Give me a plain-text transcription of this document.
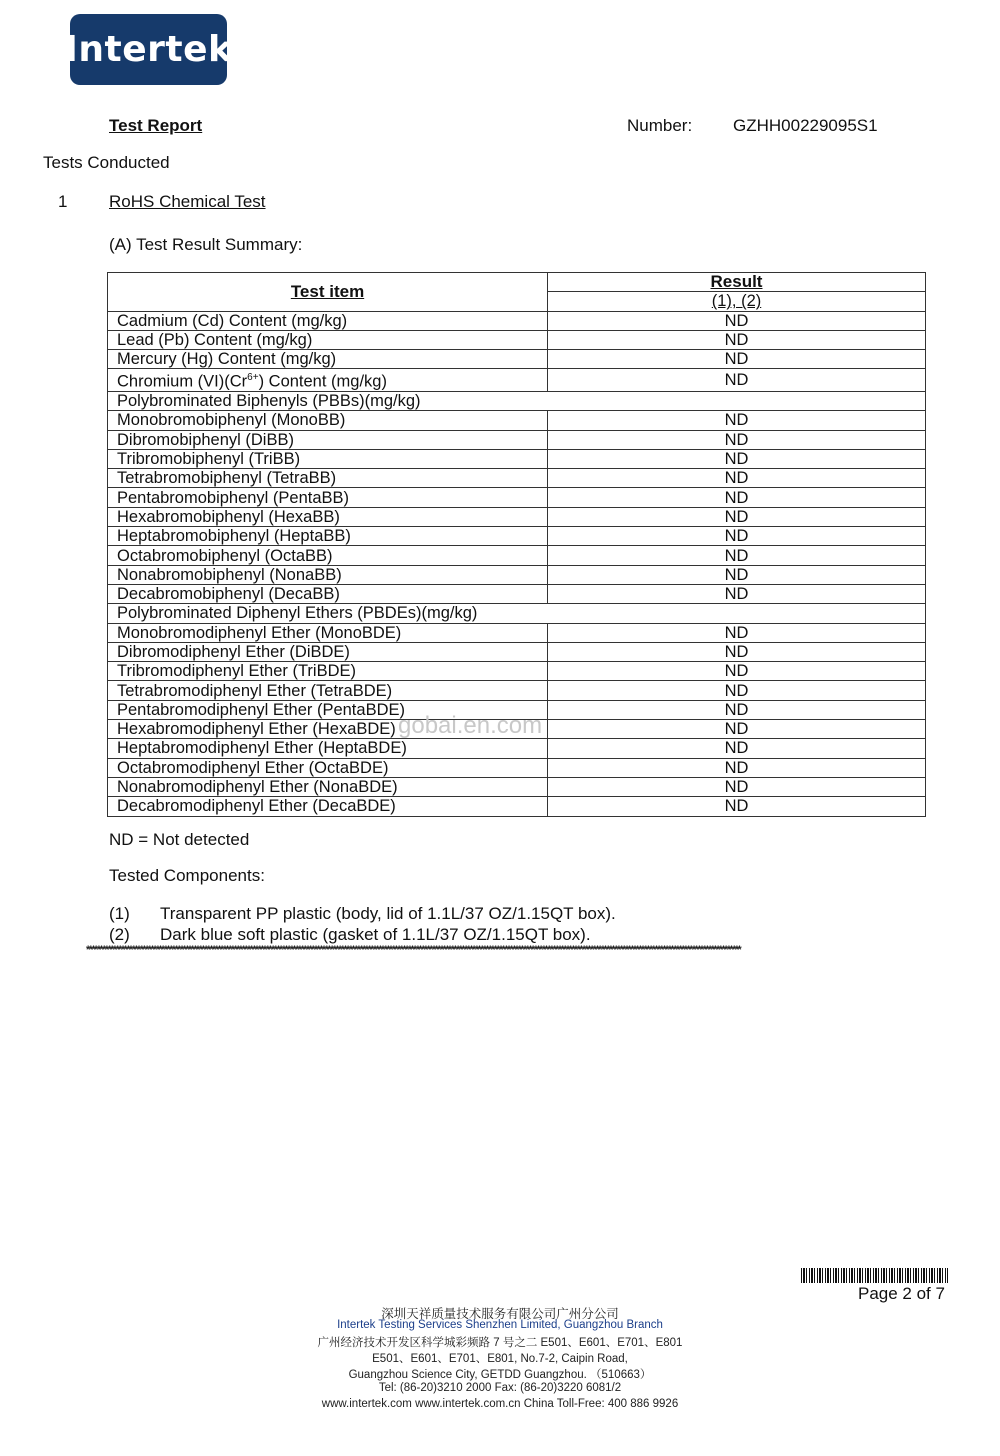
Intertek
Test Report	Number: GZHH00229095S1
Tests Conducted
1 RoHS Chemical Test
(A) Test Result Summary:
Test item	Result
	(1), (2)
Cadmium (Cd) Content (mg/kg)	ND
Lead (Pb) Content (mg/kg)	ND
Mercury (Hg) Content (mg/kg)	ND
Chromium $(VI)(Cr^{6+})$ Content (mg/kg)	ND
Polybrominated Biphenyls (PBBs)(mg/kg)	
Monobromobiphenyl (MonoBB)	ND
Dibromobiphenyl (DiBB)	ND
Tribromobiphenyl (TriBB)	ND
Tetrabromobiphenyl (TetraBB)	ND
Pentabromobiphenyl (PentaBB)	ND
Hexabromobiphenyl (HexaBB)	ND
Heptabromobiphenyl (HeptaBB)	ND
Octabromobiphenyl (OctaBB)	ND
Nonabromobiphenyl (NonaBB)	ND
Decabromobiphenyl (DecaBB)	ND
Polybrominated Diphenyl Ethers (PBDEs)(mg/kg)	
Monobromodiphenyl Ether (MonoBDE)	ND
Dibromodiphenyl Ether (DiBDE)	ND
Tribromodiphenyl Ether (TriBDE)	ND
Tetrabromodiphenyl Ether (TetraBDE)	ND
Pentabromodiphenyl Ether (PentaBDE)	ND
Hexabromodiphenyl Ether (HexaBDE)	ND
Heptabromodiphenyl Ether (HeptaBDE)	ND
Octabromodiphenyl Ether (OctaBDE)	ND
Nonabromodiphenyl Ether (NonaBDE)	ND
Decabromodiphenyl Ether (DecaBDE)	ND
ND = Not detected
Tested Components:
(1) Transparent PP plastic (body, lid of 1.1L/37 OZ/1.15QT box).
(2) Dark blue soft plastic (gasket of 1.1L/37 OZ/1.15QT box).
****************************************************************************************************************************************************************************************************************************************************
gobai.en.com
Page 2 of 7
深圳天祥质量技术服务有限公司广州分公司
Intertek Testing Services Shenzhen Limited, Guangzhou Branch
广州经济技术开发区科学城彩频路 7 号之二 E501、E601、E701、E801
E501、E601、E701、E801, No.7-2, Caipin Road,
Guangzhou Science City, GETDD Guangzhou. （510663）
Tel: (86-20)3210 2000 Fax: (86-20)3220 6081/2
www.intertek.com www.intertek.com.cn China Toll-Free: 400 886 9926
